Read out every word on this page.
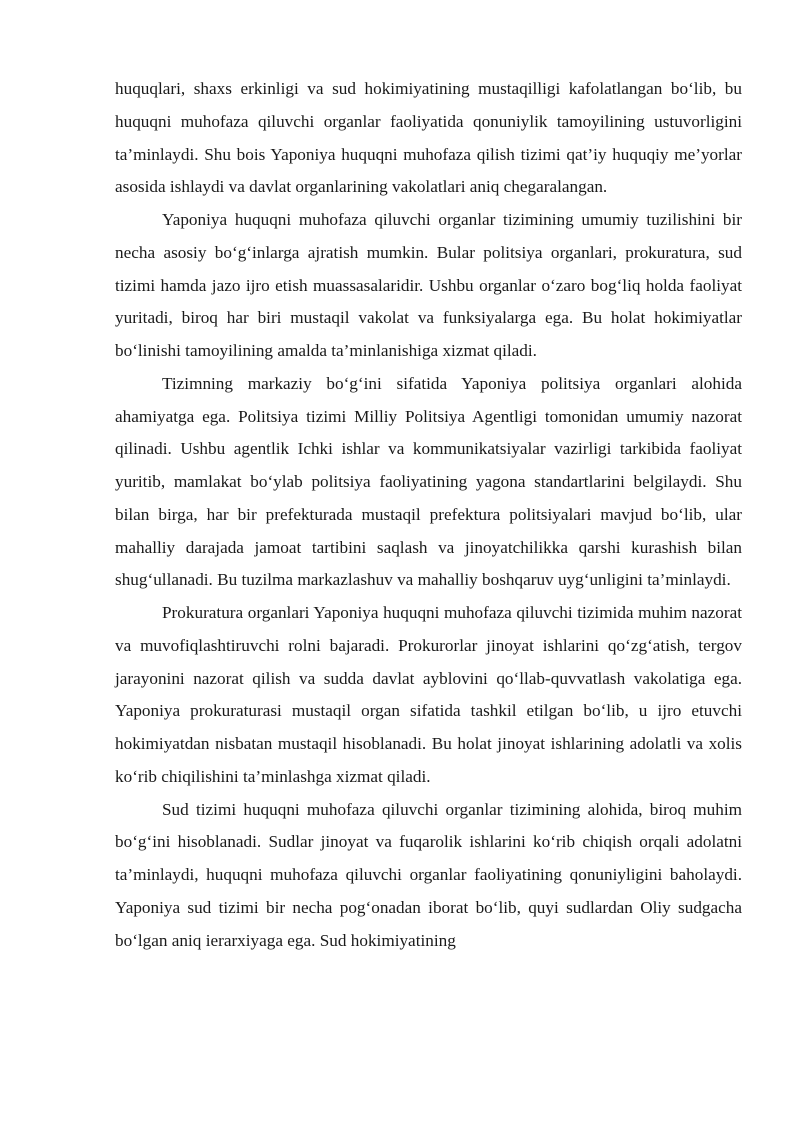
huquqlari, shaxs erkinligi va sud hokimiyatining mustaqilligi kafolatlangan bo‘lib, bu huquqni muhofaza qiluvchi organlar faoliyatida qonuniylik tamoyilining ustuvorligini ta’minlaydi. Shu bois Yaponiya huquqni muhofaza qilish tizimi qat’iy huquqiy me’yorlar asosida ishlaydi va davlat organlarining vakolatlari aniq chegaralangan.

Yaponiya huquqni muhofaza qiluvchi organlar tizimining umumiy tuzilishini bir necha asosiy bo‘g‘inlarga ajratish mumkin. Bular politsiya organlari, prokuratura, sud tizimi hamda jazo ijro etish muassasalaridir. Ushbu organlar o‘zaro bog‘liq holda faoliyat yuritadi, biroq har biri mustaqil vakolat va funksiyalarga ega. Bu holat hokimiyatlar bo‘linishi tamoyilining amalda ta’minlanishiga xizmat qiladi.

Tizimning markaziy bo‘g‘ini sifatida Yaponiya politsiya organlari alohida ahamiyatga ega. Politsiya tizimi Milliy Politsiya Agentligi tomonidan umumiy nazorat qilinadi. Ushbu agentlik Ichki ishlar va kommunikatsiyalar vazirligi tarkibida faoliyat yuritib, mamlakat bo‘ylab politsiya faoliyatining yagona standartlarini belgilaydi. Shu bilan birga, har bir prefekturada mustaqil prefektura politsiyalari mavjud bo‘lib, ular mahalliy darajada jamoat tartibini saqlash va jinoyatchilikka qarshi kurashish bilan shug‘ullanadi. Bu tuzilma markazlashuv va mahalliy boshqaruv uyg‘unligini ta’minlaydi.

Prokuratura organlari Yaponiya huquqni muhofaza qiluvchi tizimida muhim nazorat va muvofiqlashtiruvchi rolni bajaradi. Prokurorlar jinoyat ishlarini qo‘zg‘atish, tergov jarayonini nazorat qilish va sudda davlat ayblovini qo‘llab-quvvatlash vakolatiga ega. Yaponiya prokuraturasi mustaqil organ sifatida tashkil etilgan bo‘lib, u ijro etuvchi hokimiyatdan nisbatan mustaqil hisoblanadi. Bu holat jinoyat ishlarining adolatli va xolis ko‘rib chiqilishini ta’minlashga xizmat qiladi.

Sud tizimi huquqni muhofaza qiluvchi organlar tizimining alohida, biroq muhim bo‘g‘ini hisoblanadi. Sudlar jinoyat va fuqarolik ishlarini ko‘rib chiqish orqali adolatni ta’minlaydi, huquqni muhofaza qiluvchi organlar faoliyatining qonuniyligini baholaydi. Yaponiya sud tizimi bir necha pog‘onadan iborat bo‘lib, quyi sudlardan Oliy sudgacha bo‘lgan aniq ierarxiyaga ega. Sud hokimiyatining
